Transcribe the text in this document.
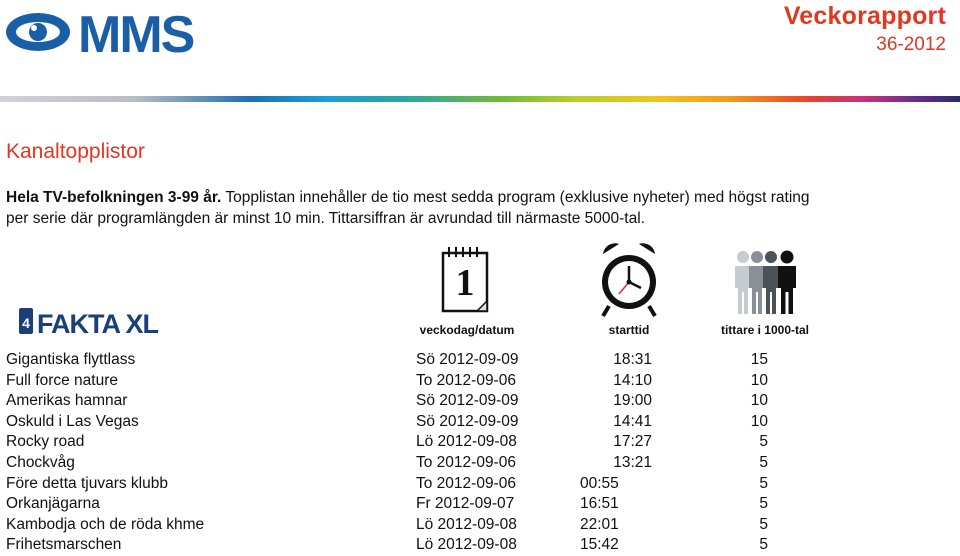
MMS	Veckorapport
36-2012
Kanaltopplistor
Hela TV-befolkningen 3-99 år. Topplistan innehåller de tio mest sedda program (exklusive nyheter) med högst rating per serie där programlängden är minst 10 min. Tittarsiffran är avrundad till närmaste 5000-tal.
4 FAKTA XL
1
veckodag/datum	starttid	tittare i 1000-tal
Gigantiska flyttlass	Sö 2012-09-09	18:31	15
Full force nature	To 2012-09-06	14:10	10
Amerikas hamnar	Sö 2012-09-09	19:00	10
Oskuld i Las Vegas	Sö 2012-09-09	14:41	10
Rocky road	Lö 2012-09-08	17:27	5
Chockvåg	To 2012-09-06	13:21	5
Före detta tjuvars klubb	To 2012-09-06	00:55	5
Orkanjägarna	Fr 2012-09-07	16:51	5
Kambodja och de röda khme	Lö 2012-09-08	22:01	5
Frihetsmarschen	Lö 2012-09-08	15:42	5
